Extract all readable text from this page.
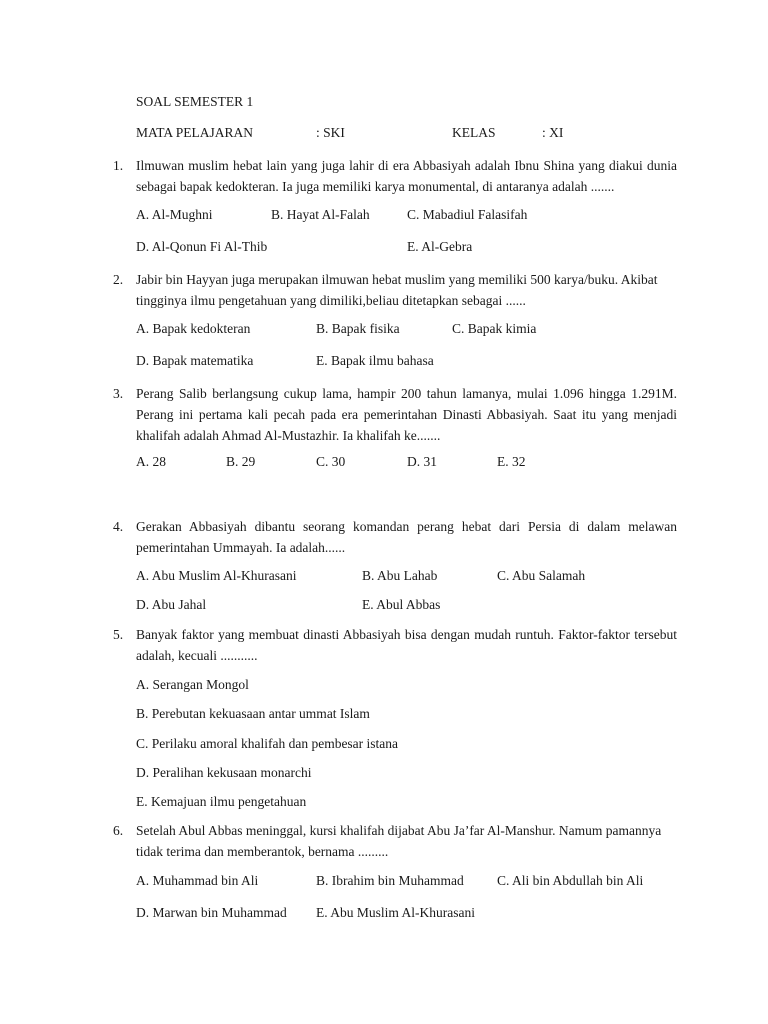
SOAL SEMESTER 1
MATA PELAJARAN	: SKI	KELAS	: XI
1. Ilmuwan muslim hebat lain yang juga lahir di era Abbasiyah adalah Ibnu Shina yang diakui dunia sebagai bapak kedokteran. Ia juga memiliki karya monumental, di antaranya adalah .......
A. Al-Mughni	B. Hayat Al-Falah	C. Mabadiul Falasifah
D. Al-Qonun Fi Al-Thib	E. Al-Gebra
2. Jabir bin Hayyan juga merupakan ilmuwan hebat muslim yang memiliki 500 karya/buku. Akibat tingginya ilmu pengetahuan yang dimiliki,beliau ditetapkan sebagai ......
A. Bapak kedokteran	B. Bapak fisika	C. Bapak kimia
D. Bapak matematika	E. Bapak ilmu bahasa
3. Perang Salib berlangsung cukup lama, hampir 200 tahun lamanya, mulai 1.096 hingga 1.291M. Perang ini pertama kali pecah pada era pemerintahan Dinasti Abbasiyah. Saat itu yang menjadi khalifah adalah Ahmad Al-Mustazhir. Ia khalifah ke.......
A. 28	B. 29	C. 30	D. 31	E. 32
4. Gerakan Abbasiyah dibantu seorang komandan perang hebat dari Persia di dalam melawan pemerintahan Ummayah. Ia adalah......
A. Abu Muslim Al-Khurasani	B. Abu Lahab	C. Abu Salamah
D. Abu Jahal	E. Abul Abbas
5. Banyak faktor yang membuat dinasti Abbasiyah bisa dengan mudah runtuh. Faktor-faktor tersebut adalah, kecuali ...........
A. Serangan Mongol
B. Perebutan kekuasaan antar ummat Islam
C. Perilaku amoral khalifah dan pembesar istana
D. Peralihan kekusaan monarchi
E. Kemajuan ilmu pengetahuan
6. Setelah Abul Abbas meninggal, kursi khalifah dijabat Abu Ja’far Al-Manshur. Namum pamannya tidak terima dan memberantok, bernama .........
A. Muhammad bin Ali	B. Ibrahim bin Muhammad C. Ali bin Abdullah bin Ali
D. Marwan bin Muhammad E. Abu Muslim Al-Khurasani
